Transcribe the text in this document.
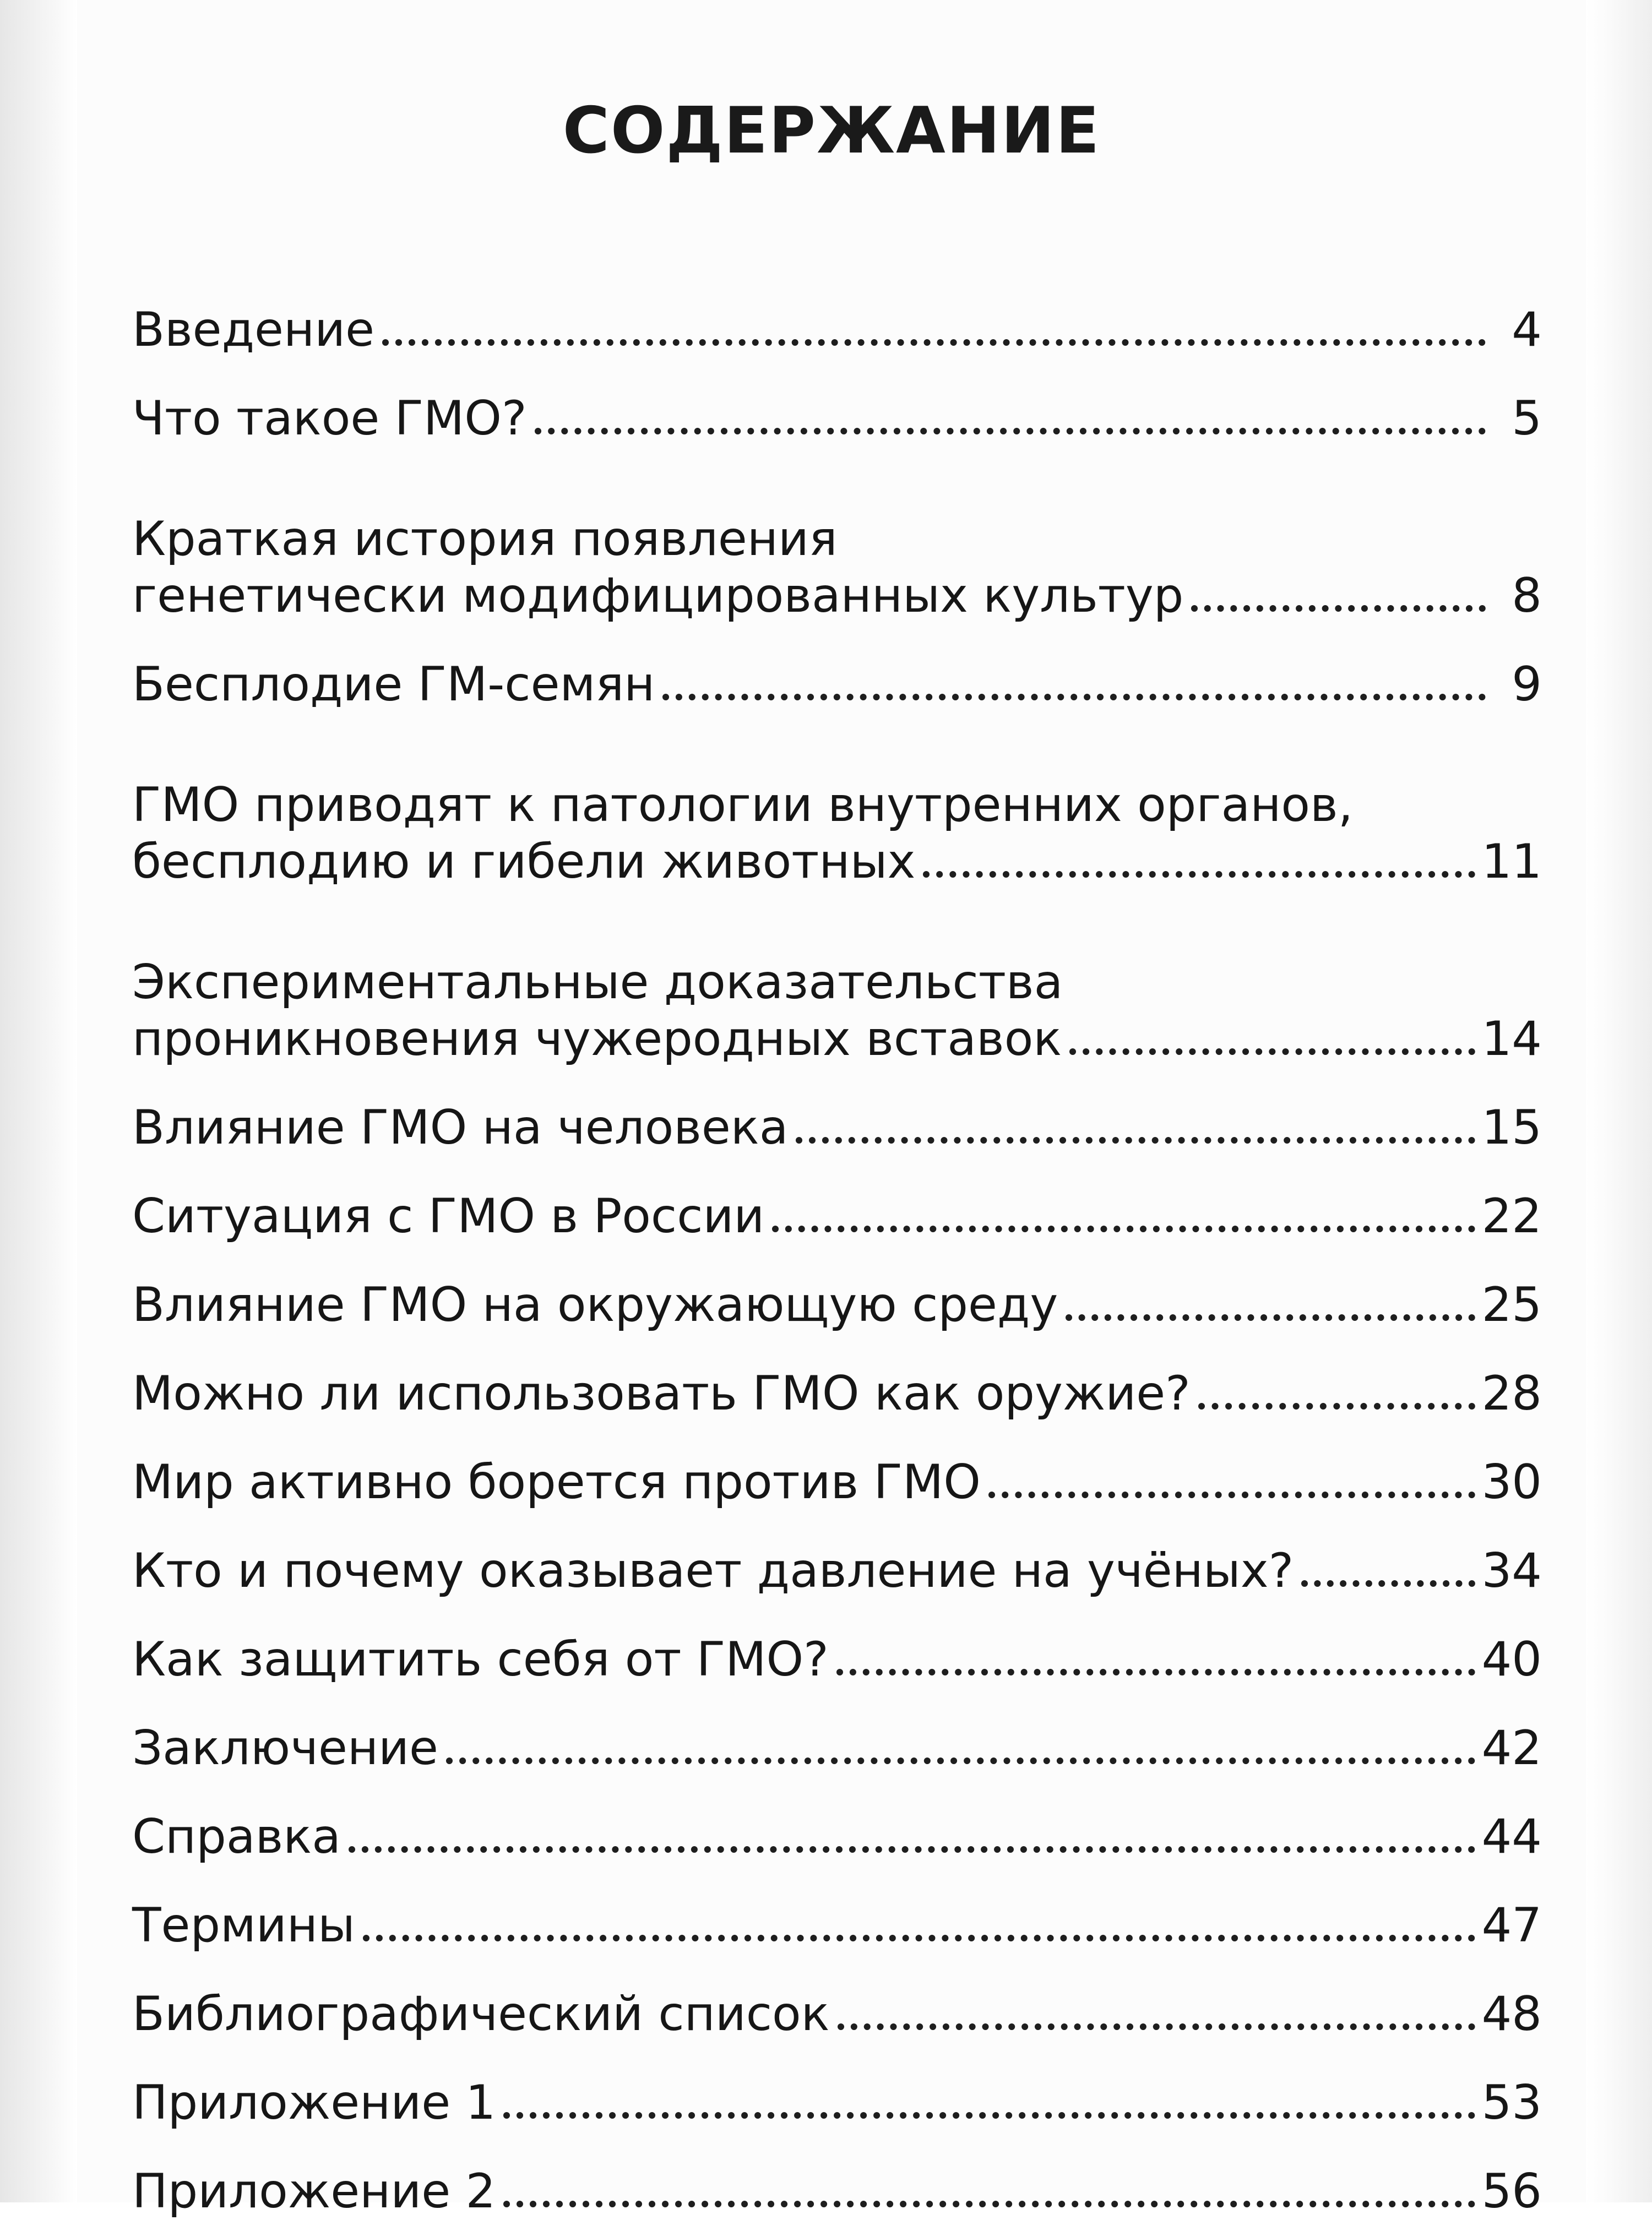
СОДЕРЖАНИЕ
Введение	4
Что такое ГМО?	5
Краткая история появления
генетически модифицированных культур	8
Бесплодие ГМ-семян	9
ГМО приводят к патологии внутренних органов,
бесплодию и гибели животных	11
Экспериментальные доказательства
проникновения чужеродных вставок	14
Влияние ГМО на человека	15
Ситуация с ГМО в России	22
Влияние ГМО на окружающую среду	25
Можно ли использовать ГМО как оружие?	28
Мир активно борется против ГМО	30
Кто и почему оказывает давление на учёных?	34
Как защитить себя от ГМО?	40
Заключение	42
Справка	44
Термины	47
Библиографический список	48
Приложение 1	53
Приложение 2	56
